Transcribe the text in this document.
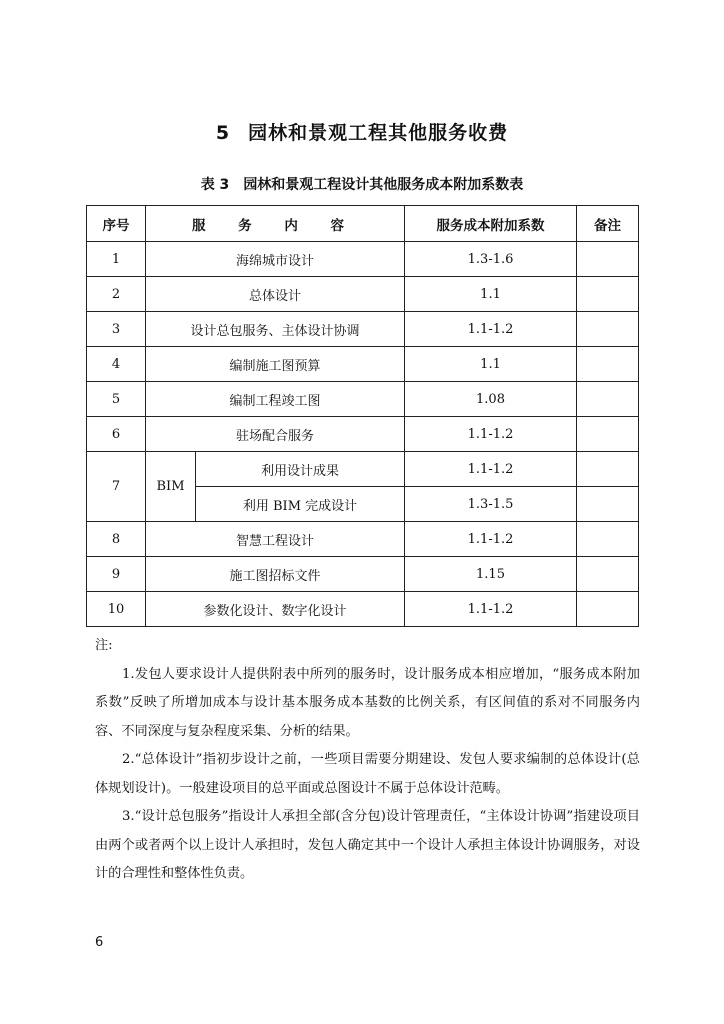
5 园林和景观工程其他服务收费
表 3 园林和景观工程设计其他服务成本附加系数表
序号	服 务 内 容		服务成本附加系数	备注
1	海绵城市设计		1.3-1.6	
2	总体设计		1.1	
3	设计总包服务、主体设计协调		1.1-1.2	
4	编制施工图预算		1.1	
5	编制工程竣工图		1.08	
6	驻场配合服务		1.1-1.2	
7	BIM	利用设计成果	1.1-1.2	
		利用 BIM 完成设计	1.3-1.5	
8	智慧工程设计		1.1-1.2	
9	施工图招标文件		1.15	
10	参数化设计、数字化设计		1.1-1.2	

注:

1.发包人要求设计人提供附表中所列的服务时，设计服务成本相应增加，“服务成本附加系数”反映了所增加成本与设计基本服务成本基数的比例关系，有区间值的系对不同服务内容、不同深度与复杂程度采集、分析的结果。

2.“总体设计”指初步设计之前，一些项目需要分期建设、发包人要求编制的总体设计(总体规划设计)。一般建设项目的总平面或总图设计不属于总体设计范畴。

3.“设计总包服务”指设计人承担全部(含分包)设计管理责任，“主体设计协调”指建设项目由两个或者两个以上设计人承担时，发包人确定其中一个设计人承担主体设计协调服务，对设计的合理性和整体性负责。

6
